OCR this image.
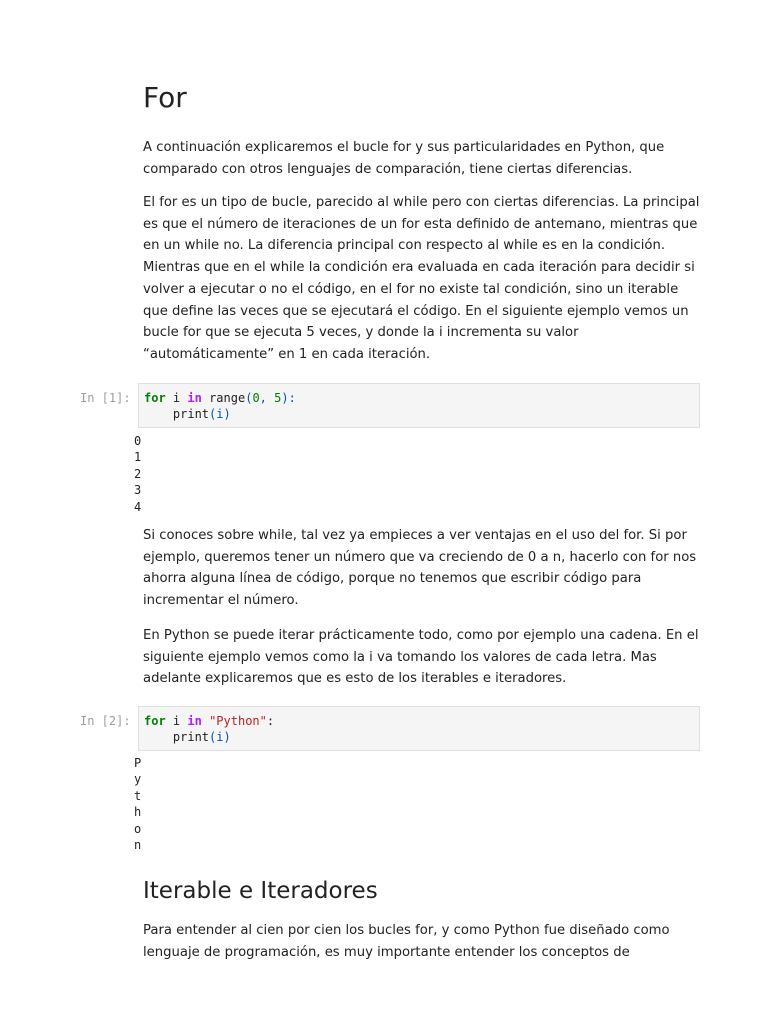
For

A continuación explicaremos el bucle for y sus particularidades en Python, que comparado con otros lenguajes de comparación, tiene ciertas diferencias.

El for es un tipo de bucle, parecido al while pero con ciertas diferencias. La principal es que el número de iteraciones de un for esta definido de antemano, mientras que en un while no. La diferencia principal con respecto al while es en la condición. Mientras que en el while la condición era evaluada en cada iteración para decidir si volver a ejecutar o no el código, en el for no existe tal condición, sino un iterable que define las veces que se ejecutará el código. En el siguiente ejemplo vemos un bucle for que se ejecuta 5 veces, y donde la i incrementa su valor “automáticamente” en 1 en cada iteración.

In [1]:	for i in range(0, 5):
print(i)
0
1
2
3
4

Si conoces sobre while, tal vez ya empieces a ver ventajas en el uso del for. Si por ejemplo, queremos tener un número que va creciendo de 0 a n, hacerlo con for nos ahorra alguna línea de código, porque no tenemos que escribir código para incrementar el número.

En Python se puede iterar prácticamente todo, como por ejemplo una cadena. En el siguiente ejemplo vemos como la i va tomando los valores de cada letra. Mas adelante explicaremos que es esto de los iterables e iteradores.

In [2]:	for i in "Python":
print(i)
P
y
t
h
o
n
Iterable e Iteradores

Para entender al cien por cien los bucles for, y como Python fue diseñado como lenguaje de programación, es muy importante entender los conceptos de
